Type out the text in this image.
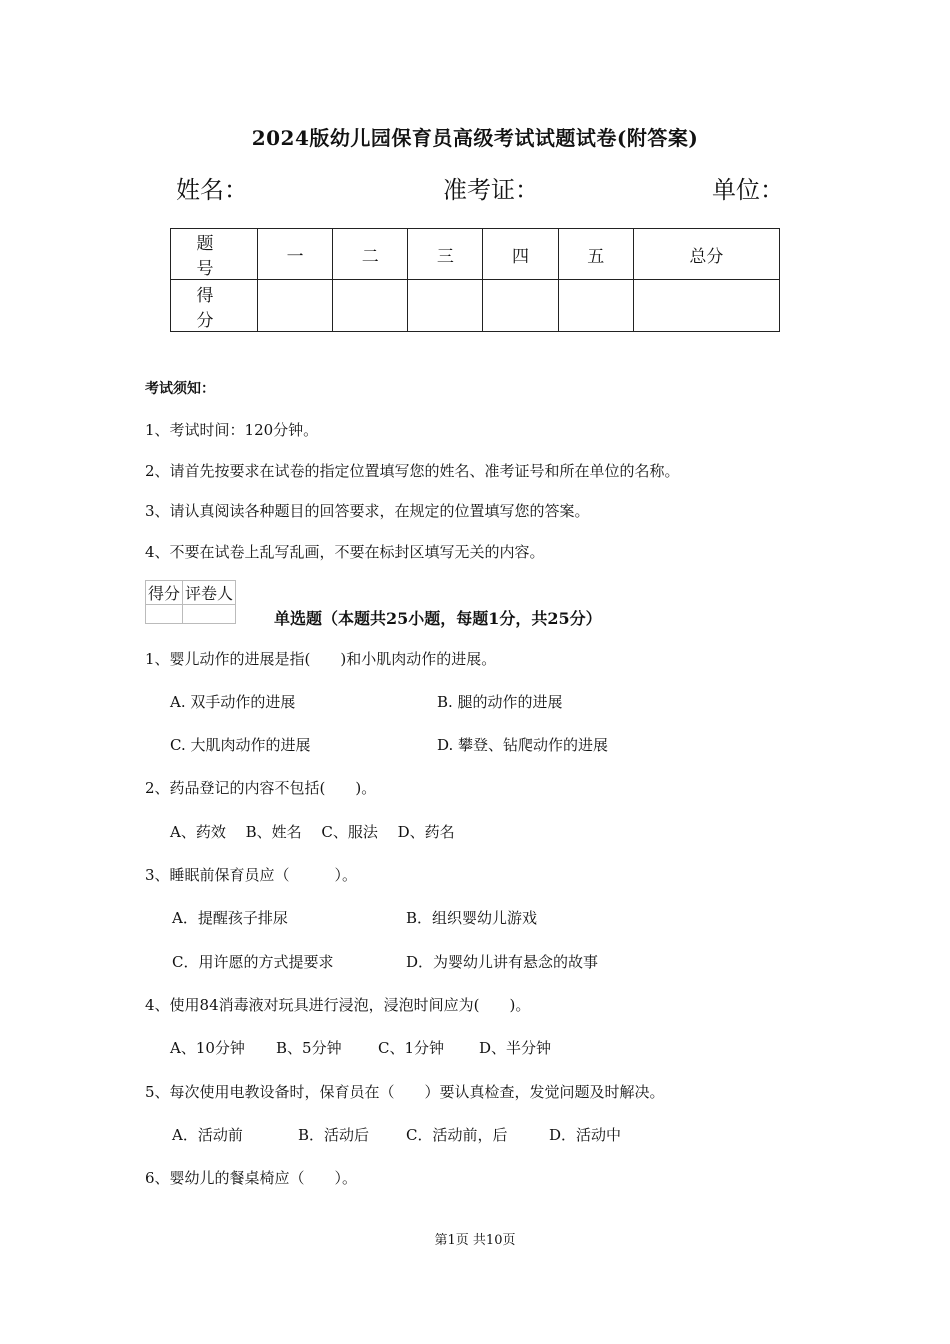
2024版幼儿园保育员高级考试试题试卷(附答案)
姓名：	准考证：	单位：
题　号	一	二	三	四	五	总分
得　分						
考试须知：
1、考试时间：120分钟。
2、请首先按要求在试卷的指定位置填写您的姓名、准考证号和所在单位的名称。
3、请认真阅读各种题目的回答要求，在规定的位置填写您的答案。
4、不要在试卷上乱写乱画，不要在标封区填写无关的内容。
得分	评卷人

单选题（本题共25小题，每题1分，共25分）
1、婴儿动作的进展是指(　　)和小肌肉动作的进展。
A. 双手动作的进展	B. 腿的动作的进展
C. 大肌肉动作的进展	D. 攀登、钻爬动作的进展
2、药品登记的内容不包括(　　)。
A、药效　 B、姓名　 C、服法　 D、药名
3、睡眠前保育员应（　　　）。
A．提醒孩子排尿	B．组织婴幼儿游戏
C．用许愿的方式提要求	D．为婴幼儿讲有悬念的故事
4、使用84消毒液对玩具进行浸泡，浸泡时间应为(　　)。
A、10分钟 B、5分钟 C、1分钟 D、半分钟
5、每次使用电教设备时，保育员在（　　）要认真检查，发觉问题及时解决。
A．活动前	B．活动后 C．活动前，后	D．活动中
6、婴幼儿的餐桌椅应（　　）。
第1页 共10页
